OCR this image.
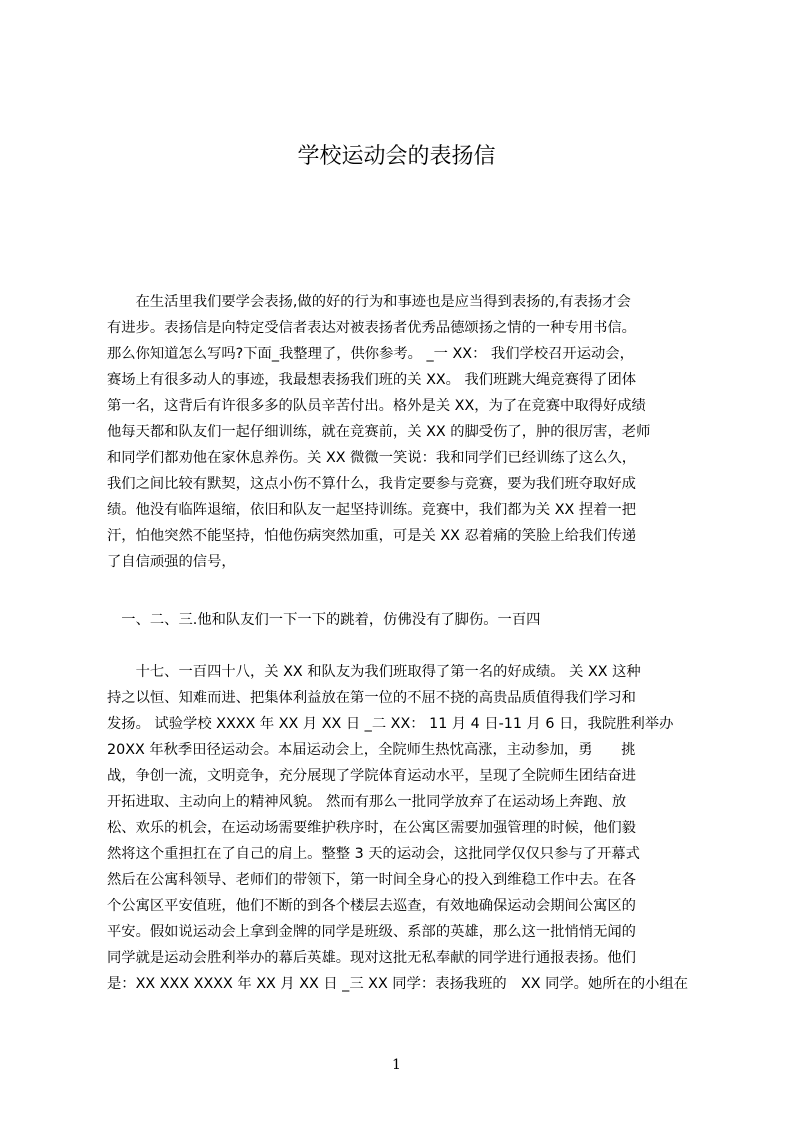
学校运动会的表扬信
　　在生活里我们要学会表扬,做的好的行为和事迹也是应当得到表扬的,有表扬才会
有进步。表扬信是向特定受信者表达对被表扬者优秀品德颂扬之情的一种专用书信。
那么你知道怎么写吗?下面_我整理了，供你参考。 _一 XX： 我们学校召开运动会，
赛场上有很多动人的事迹，我最想表扬我们班的关 XX。 我们班跳大绳竞赛得了团体
第一名，这背后有许很多多的队员辛苦付出。格外是关 XX，为了在竞赛中取得好成绩
他每天都和队友们一起仔细训练，就在竞赛前，关 XX 的脚受伤了，肿的很厉害，老师
和同学们都劝他在家休息养伤。关 XX 微微一笑说：我和同学们已经训练了这么久，
我们之间比较有默契，这点小伤不算什么，我肯定要参与竞赛，要为我们班夺取好成
绩。他没有临阵退缩，依旧和队友一起坚持训练。竞赛中，我们都为关 XX 捏着一把
汗，怕他突然不能坚持，怕他伤病突然加重，可是关 XX 忍着痛的笑脸上给我们传递
了自信顽强的信号，
　一、二、三.他和队友们一下一下的跳着，仿佛没有了脚伤。一百四
　　十七、一百四十八，关 XX 和队友为我们班取得了第一名的好成绩。 关 XX 这种
持之以恒、知难而进、把集体利益放在第一位的不屈不挠的高贵品质值得我们学习和
发扬。 试验学校 XXXX 年 XX 月 XX 日 _二 XX： 11 月 4 日-11 月 6 日，我院胜利举办
20XX 年秋季田径运动会。本届运动会上，全院师生热忱高涨，主动参加，勇　　挑
战，争创一流，文明竞争，充分展现了学院体育运动水平，呈现了全院师生团结奋进
开拓进取、主动向上的精神风貌。 然而有那么一批同学放弃了在运动场上奔跑、放
松、欢乐的机会，在运动场需要维护秩序时，在公寓区需要加强管理的时候，他们毅
然将这个重担扛在了自己的肩上。整整 3 天的运动会，这批同学仅仅只参与了开幕式
然后在公寓科领导、老师们的带领下，第一时间全身心的投入到维稳工作中去。在各
个公寓区平安值班，他们不断的到各个楼层去巡查，有效地确保运动会期间公寓区的
平安。假如说运动会上拿到金牌的同学是班级、系部的英雄，那么这一批悄悄无闻的
同学就是运动会胜利举办的幕后英雄。现对这批无私奉献的同学进行通报表扬。他们
是：XX XXX XXXX 年 XX 月 XX 日 _三 XX 同学：表扬我班的　XX 同学。她所在的小组在
1
